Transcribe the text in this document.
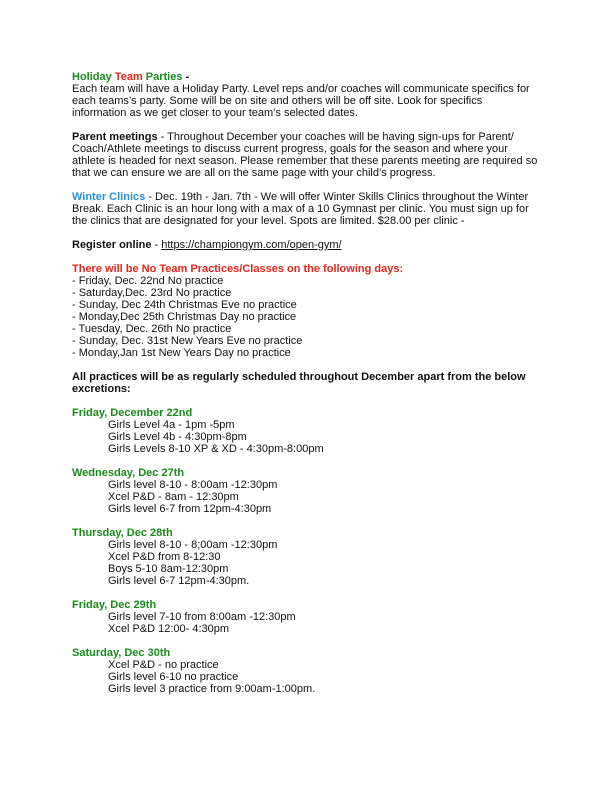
Holiday Team Parties -
Each team will have a Holiday Party. Level reps and/or coaches will communicate specifics for
each teams’s party. Some will be on site and others will be off site. Look for specifics
information as we get closer to your team’s selected dates.
Parent meetings - Throughout December your coaches will be having sign-ups for Parent/
Coach/Athlete meetings to discuss current progress, goals for the season and where your
athlete is headed for next season. Please remember that these parents meeting are required so
that we can ensure we are all on the same page with your child’s progress.
Winter Clinics - Dec. 19th - Jan. 7th - We will offer Winter Skills Clinics throughout the Winter
Break. Each Clinic is an hour long with a max of a 10 Gymnast per clinic. You must sign up for
the clinics that are designated for your level. Spots are limited. $28.00 per clinic -
Register online - https://championgym.com/open-gym/
There will be No Team Practices/Classes on the following days:
- Friday, Dec. 22nd No practice
- Saturday,Dec. 23rd No practice
- Sunday, Dec 24th Christmas Eve no practice
- Monday,Dec 25th Christmas Day no practice
- Tuesday, Dec. 26th No practice
- Sunday, Dec. 31st New Years Eve no practice
- Monday,Jan 1st New Years Day no practice
All practices will be as regularly scheduled throughout December apart from the below
excretions:
Friday, December 22nd
Girls Level 4a - 1pm -5pm
Girls Level 4b - 4:30pm-8pm
Girls Levels 8-10 XP & XD - 4:30pm-8:00pm
Wednesday, Dec 27th
Girls level 8-10 - 8:00am -12:30pm
Xcel P&D - 8am - 12:30pm
Girls level 6-7 from 12pm-4:30pm
Thursday, Dec 28th
Girls level 8-10 - 8;00am -12:30pm
Xcel P&D from 8-12:30
Boys 5-10 8am-12:30pm
Girls level 6-7 12pm-4:30pm.
Friday, Dec 29th
Girls level 7-10 from 8:00am -12:30pm
Xcel P&D 12:00- 4:30pm
Saturday, Dec 30th
Xcel P&D - no practice
Girls level 6-10 no practice
Girls level 3 practice from 9:00am-1:00pm.
